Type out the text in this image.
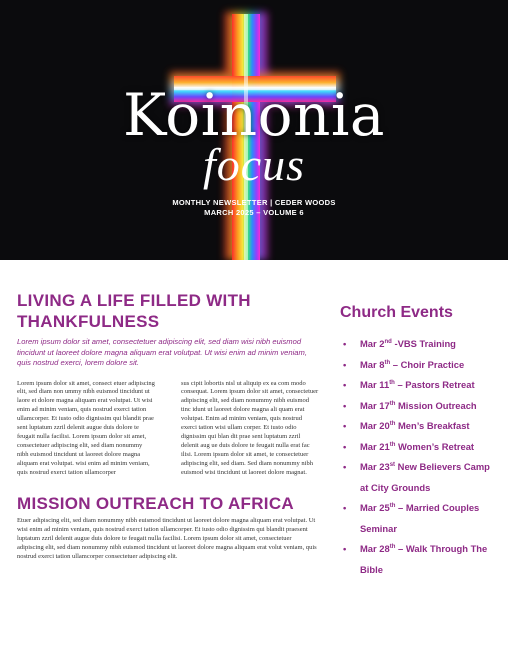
Koinonia
focus
MONTHLY NEWSLETTER | CEDER WOODS
MARCH 2025 – VOLUME 6
LIVING A LIFE FILLED WITH THANKFULNESS

Lorem ipsum dolor sit amet, consectetuer adipiscing elit, sed diam wisi nibh euismod tincidunt ut laoreet dolore magna aliquam erat volutpat. Ut wisi enim ad minim veniam, quis nostrud exerci, lorem dolore sit.

Lorem ipsum dolor sit amet, consect etuer adipiscing elit, sed diam non ummy nibh euismod tincidunt ut laore et dolore magna aliquam erat volutpat. Ut wisi enim ad minim veniam, quis nostrud exerci tation ullamcorper. Et iusto odio dignissim qui blandit prae sent luptatum zzril delenit augue duis dolore te feugait nulla facilisi. Lorem ipsum dolor sit amet, consectetuer adipiscing elit, sed diam nonummy nibh euismod tincidunt ut laoreet dolore magna aliquam erat volutpat. wisi enim ad minim veniam, quis nostrud exerci tation ullamcorper

sus cipit lobortis nisl ut aliquip ex ea com modo consequat. Lorem ipsum dolor sit amet, consectetuer adipiscing elit, sed diam nonummy nibh euismod tinc idunt ut laoreet dolore magna ali quam erat volutpat. Enim ad minim veniam, quis nostrud exerci tation wisi ullam corper. Et iusto odio dignissim qui blan dit prae sent luptatum zzril delenit aug ue duis dolore te feugait nulla erat fac ilisi. Lorem ipsum dolor sit amet, te consectetuer adipiscing elit, sed diam. Sed diam nonummy nibh euismod wisi tincidunt ut laoreet dolore magnat.

MISSION OUTREACH TO AFRICA

Etuer adipiscing elit, sed diam nonummy nibh euismod tincidunt ut laoreet dolore magna aliquam erat volutpat. Ut wisi enim ad minim veniam, quis nostrud exerci tation ullamcorper. Et iusto odio dignissim qui blandit praesent luptatum zzril delenit augue duis dolore te feugait nulla facilisi. Lorem ipsum dolor sit amet, consectetuer adipiscing elit, sed diam nonummy nibh euismod tincidunt ut laoreet dolore magna aliquam erat volut veniam, quis nostrud exerci tation ullamcorper consectetuer adipiscing elit.

Church Events
• Mar 2nd -VBS Training
• Mar 8th – Choir Practice
• Mar 11th – Pastors Retreat
• Mar 17th Mission Outreach
• Mar 20th Men’s Breakfast
• Mar 21th Women’s Retreat
• Mar 23st New Believers Camp at City Grounds
• Mar 25th – Married Couples Seminar
• Mar 28th – Walk Through The Bible
